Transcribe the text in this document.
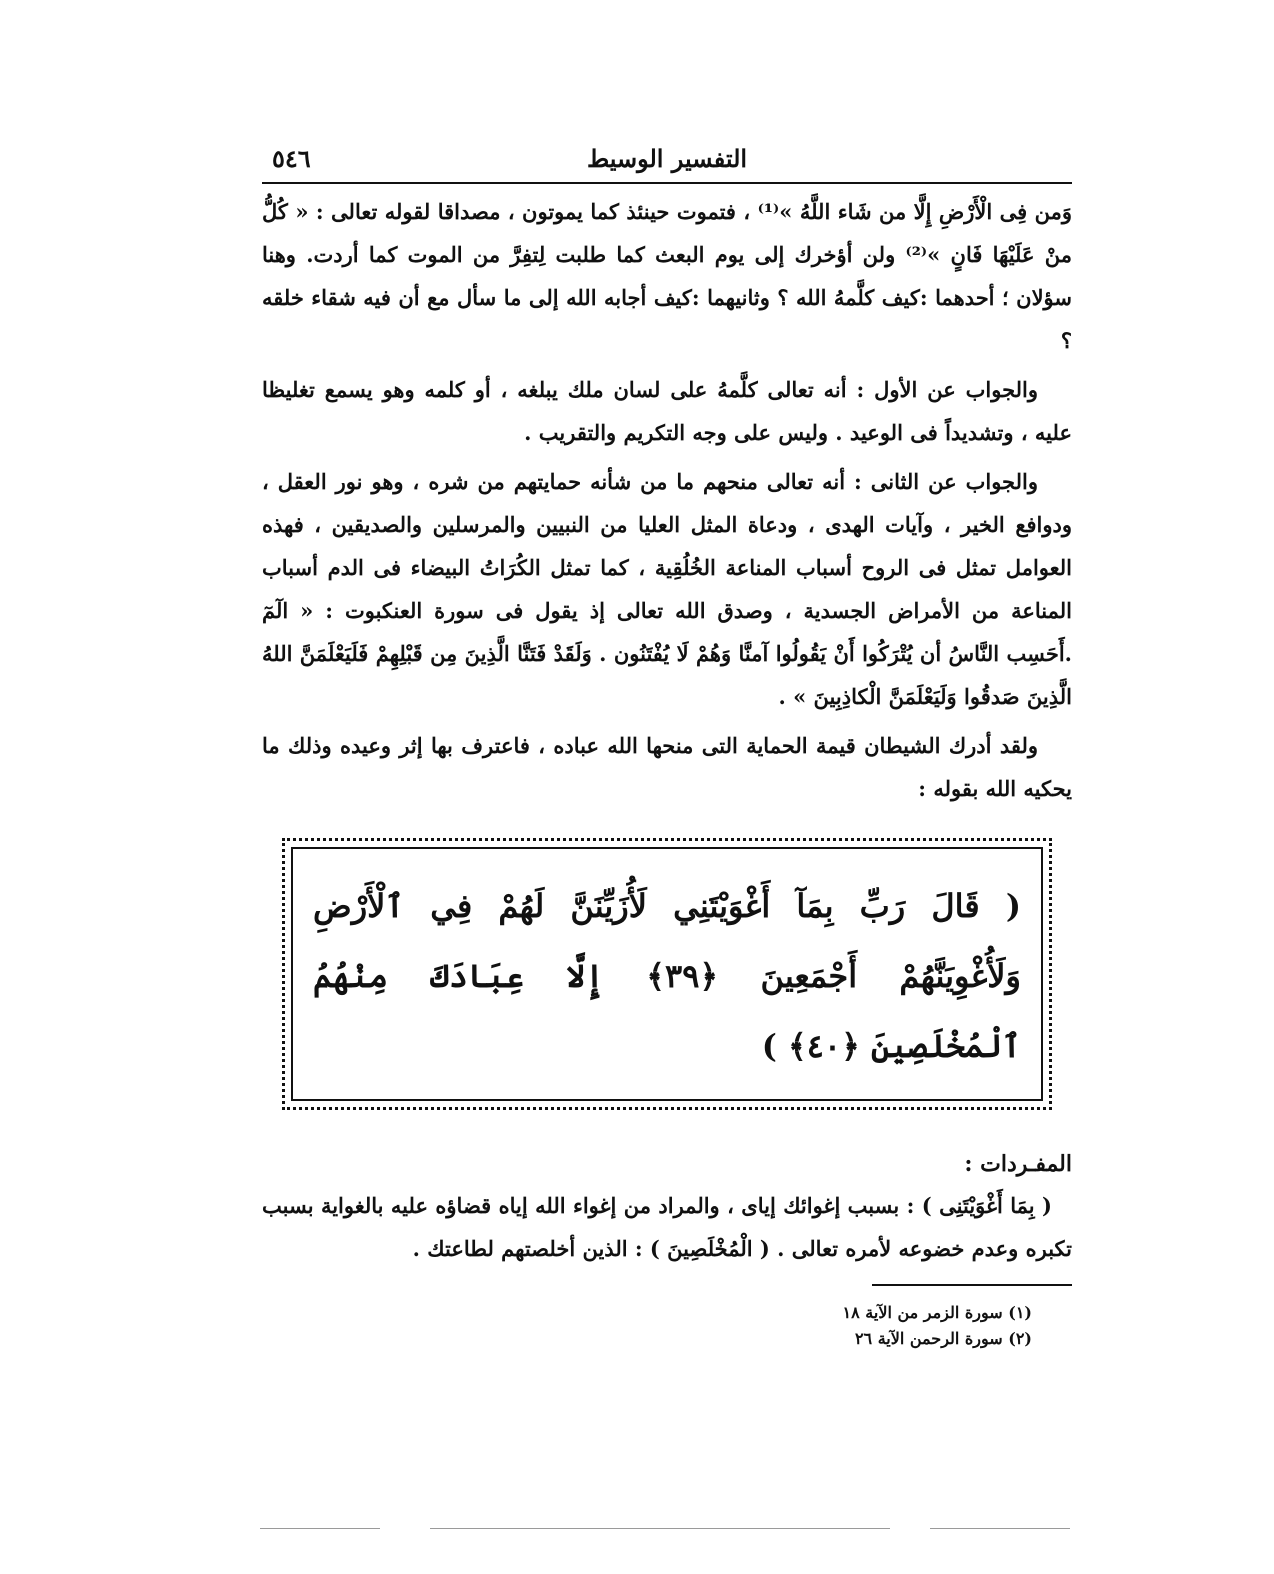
التفسير الوسيط
٥٤٦

وَمن فِى الْأَرْضِ إِلَّا من شَاء اللَّهُ »⁽¹⁾ ، فتموت حينئذ كما يموتون ، مصداقا لقوله تعالى : « كُلُّ منْ عَلَيْهَا فَانٍ »⁽²⁾ ولن أؤخرك إلى يوم البعث كما طلبت لِتفِرَّ من الموت كما أردت. وهنا سؤلان ؛ أحدهما :كيف كلَّمهُ الله ؟ وثانيهما :كيف أجابه الله إلى ما سأل مع أن فيه شقاء خلقه ؟

والجواب عن الأول : أنه تعالى كلَّمهُ على لسان ملك يبلغه ، أو كلمه وهو يسمع تغليظا عليه ، وتشديداً فى الوعيد . وليس على وجه التكريم والتقريب .

والجواب عن الثانى : أنه تعالى منحهم ما من شأنه حمايتهم من شره ، وهو نور العقل ، ودوافع الخير ، وآيات الهدى ، ودعاة المثل العليا من النبيين والمرسلين والصديقين ، فهذه العوامل تمثل فى الروح أسباب المناعة الخُلُقِية ، كما تمثل الكُرَاتُ البيضاء فى الدم أسباب المناعة من الأمراض الجسدية ، وصدق الله تعالى إذ يقول فى سورة العنكبوت : « الٓمٓ .أَحَسِب النَّاسُ أن يُتْرَكُوا أَنْ يَقُولُوا آمنَّا وَهُمْ لَا يُفْتَنُون . وَلَقَدْ فَتَنَّا الَّذِينَ مِن قَبْلِهِمْ فَلَيَعْلَمَنَّ اللهُ الَّذِينَ صَدقُوا وَلَيَعْلَمَنَّ الْكاذِبِينَ » .

ولقد أدرك الشيطان قيمة الحماية التى منحها الله عباده ، فاعترف بها إثر وعيده وذلك ما يحكيه الله بقوله :

( قَالَ رَبِّ بِمَآ أَغْوَيْتَنِي لَأُزَيِّنَنَّ لَهُمْ فِي ٱلْأَرْضِ وَلَأُغْوِيَنَّهُمْ أَجْمَعِينَ ﴿٣٩﴾ إِلَّا عِبَادَكَ مِنْهُمُ ٱلْمُخْلَصِينَ ﴿٤٠﴾ )
المفـردات :
( بِمَا أَغْوَيْتَنِى ) : بسبب إغوائك إياى ، والمراد من إغواء الله إياه قضاؤه عليه بالغواية بسبب تكبره وعدم خضوعه لأمره تعالى . ( الْمُخْلَصِينَ ) : الذين أخلصتهم لطاعتك .
(١) سورة الزمر من الآية ١٨
(٢) سورة الرحمن الآية ٢٦
